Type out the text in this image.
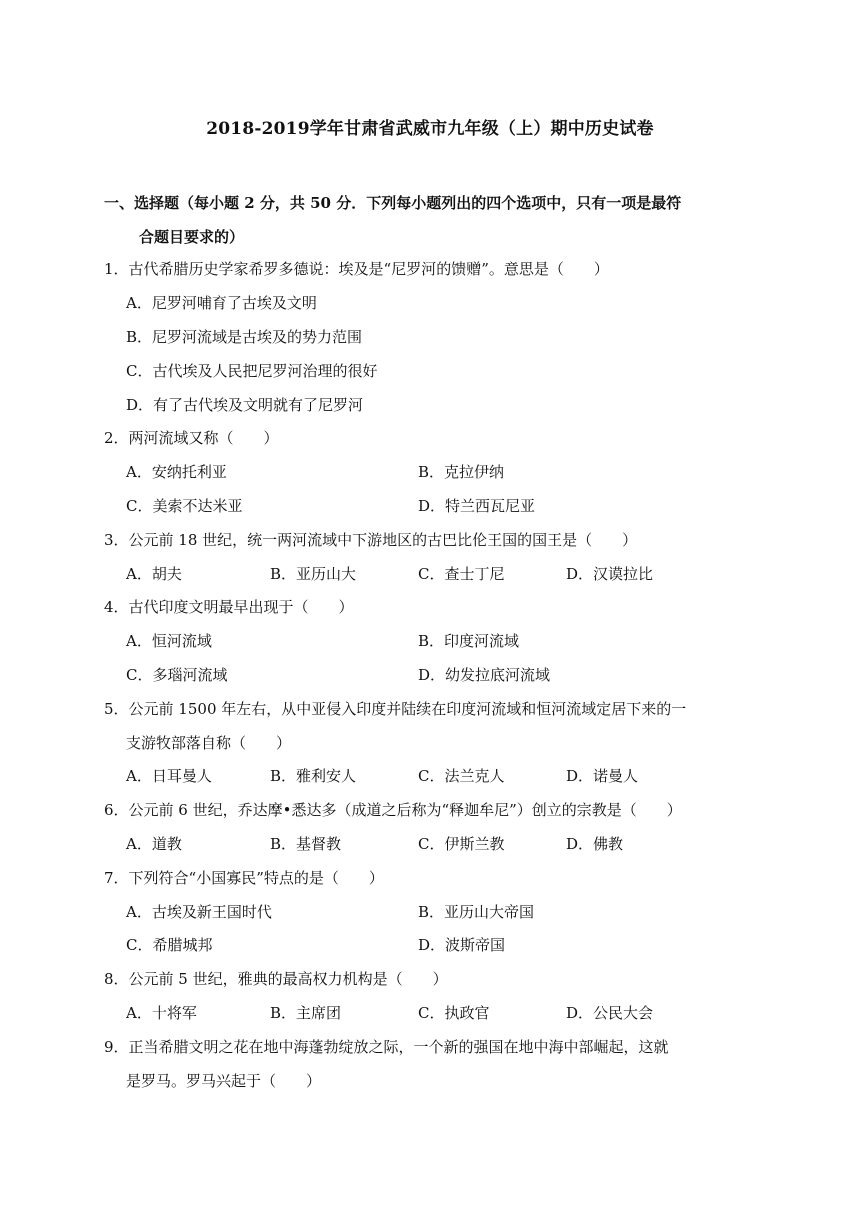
2018-2019学年甘肃省武威市九年级（上）期中历史试卷
一、选择题（每小题 2 分，共 50 分．下列每小题列出的四个选项中，只有一项是最符
合题目要求的）
1．古代希腊历史学家希罗多德说：埃及是“尼罗河的馈赠”。意思是（　　）
A．尼罗河哺育了古埃及文明
B．尼罗河流域是古埃及的势力范围
C．古代埃及人民把尼罗河治理的很好
D．有了古代埃及文明就有了尼罗河
2．两河流域又称（　　）
A．安纳托利亚	B．克拉伊纳
C．美索不达米亚	D．特兰西瓦尼亚
3．公元前 18 世纪，统一两河流域中下游地区的古巴比伦王国的国王是（　　）
A．胡夫	B．亚历山大	C．查士丁尼	D．汉谟拉比
4．古代印度文明最早出现于（　　）
A．恒河流域	B．印度河流域
C．多瑙河流域	D．幼发拉底河流域
5．公元前 1500 年左右，从中亚侵入印度并陆续在印度河流域和恒河流域定居下来的一
支游牧部落自称（　　）
A．日耳曼人	B．雅利安人	C．法兰克人	D．诺曼人
6．公元前 6 世纪，乔达摩•悉达多（成道之后称为“释迦牟尼”）创立的宗教是（　　）
A．道教	B．基督教	C．伊斯兰教	D．佛教
7．下列符合“小国寡民”特点的是（　　）
A．古埃及新王国时代	B．亚历山大帝国
C．希腊城邦	D．波斯帝国
8．公元前 5 世纪，雅典的最高权力机构是（　　）
A．十将军	B．主席团	C．执政官	D．公民大会
9．正当希腊文明之花在地中海蓬勃绽放之际，一个新的强国在地中海中部崛起，这就
是罗马。罗马兴起于（　　）
